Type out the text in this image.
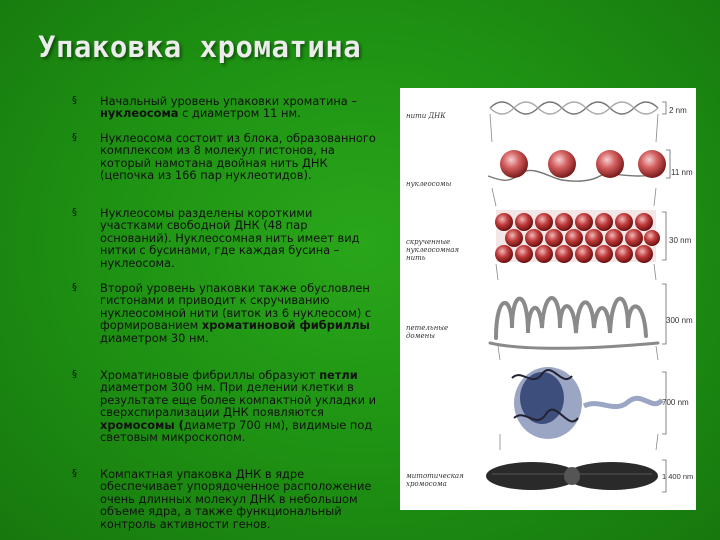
Упаковка хроматина
§ Начальный уровень упаковки хроматина – нуклеосома с диаметром 11 нм.
§ Нуклеосома состоит из блока, образованного комплексом из 8 молекул гистонов, на который намотана двойная нить ДНК (цепочка из 166 пар нуклеотидов).
§ Нуклеосомы разделены короткими участками свободной ДНК (48 пар оснований). Нуклеосомная нить имеет вид нитки с бусинами, где каждая бусина – нуклеосома.
§ Второй уровень упаковки также обусловлен гистонами и приводит к скручиванию нуклеосомной нити (виток из 6 нуклеосом) с формированием хроматиновой фибриллы диаметром 30 нм.
§ Хроматиновые фибриллы образуют петли диаметром 300 нм. При делении клетки в результате еще более компактной укладки и сверхспирализации ДНК появляются хромосомы (диаметр 700 нм), видимые под световым микроскопом.
§ Компактная упаковка ДНК в ядре обеспечивает упорядоченное расположение очень длинных молекул ДНК в небольшом объеме ядра, а также функциональный контроль активности генов.
нити ДНК
нуклеосомы
скрученные нуклеосомная нить
петельные домены
митотическая хромосома
2 nm
11 nm
30 nm
300 nm
700 nm
1 400 nm
